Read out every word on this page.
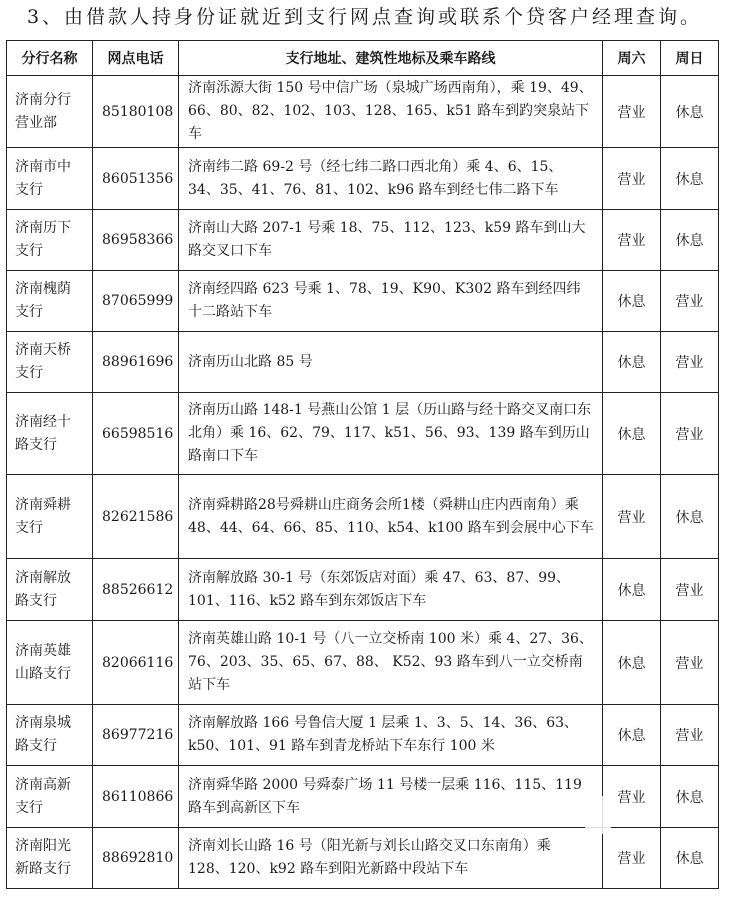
3、由借款人持身份证就近到支行网点查询或联系个贷客户经理查询。
分行名称	网点电话	支行地址、建筑性地标及乘车路线	周六	周日

济南分行营业部	85180108	济南泺源大街 150 号中信广场（泉城广场西南角），乘 19、49、66、80、82、102、103、128、165、k51 路车到趵突泉站下车	营业	休息

济南市中支行	86051356	济南纬二路 69-2 号（经七纬二路口西北角）乘 4、6、15、34、35、41、76、81、102、k96 路车到经七伟二路下车	营业	休息

济南历下支行	86958366	济南山大路 207-1 号乘 18、75、112、123、k59 路车到山大路交叉口下车	营业	休息

济南槐荫支行	87065999	济南经四路 623 号乘 1、78、19、K90、K302 路车到经四纬十二路站下车	休息	营业

济南天桥支行	88961696	济南历山北路 85 号	休息	营业

济南经十路支行	66598516	济南历山路 148-1 号燕山公馆 1 层（历山路与经十路交叉南口东北角）乘 16、62、79、117、k51、56、93、139 路车到历山路南口下车	休息	营业

济南舜耕支行	82621586	济南舜耕路28号舜耕山庄商务会所1楼（舜耕山庄内西南角）乘 48、44、64、66、85、110、k54、k100 路车到会展中心下车	营业	休息

济南解放路支行	88526612	济南解放路 30-1 号（东郊饭店对面）乘 47、63、87、99、101、116、k52 路车到东郊饭店下车	休息	营业

济南英雄山路支行	82066116	济南英雄山路 10-1 号（八一立交桥南 100 米）乘 4、27、36、76、203、35、65、67、88、 K52、93 路车到八一立交桥南站下车	休息	营业

济南泉城路支行	86977216	济南解放路 166 号鲁信大厦 1 层乘 1、3、5、14、36、63、k50、101、91 路车到青龙桥站下车东行 100 米	休息	营业

济南高新支行	86110866	济南舜华路 2000 号舜泰广场 11 号楼一层乘 116、115、119 路车到高新区下车	营业	休息

济南阳光新路支行	88692810	济南刘长山路 16 号（阳光新与刘长山路交叉口东南角）乘 128、120、k92 路车到阳光新路中段站下车	营业	休息
